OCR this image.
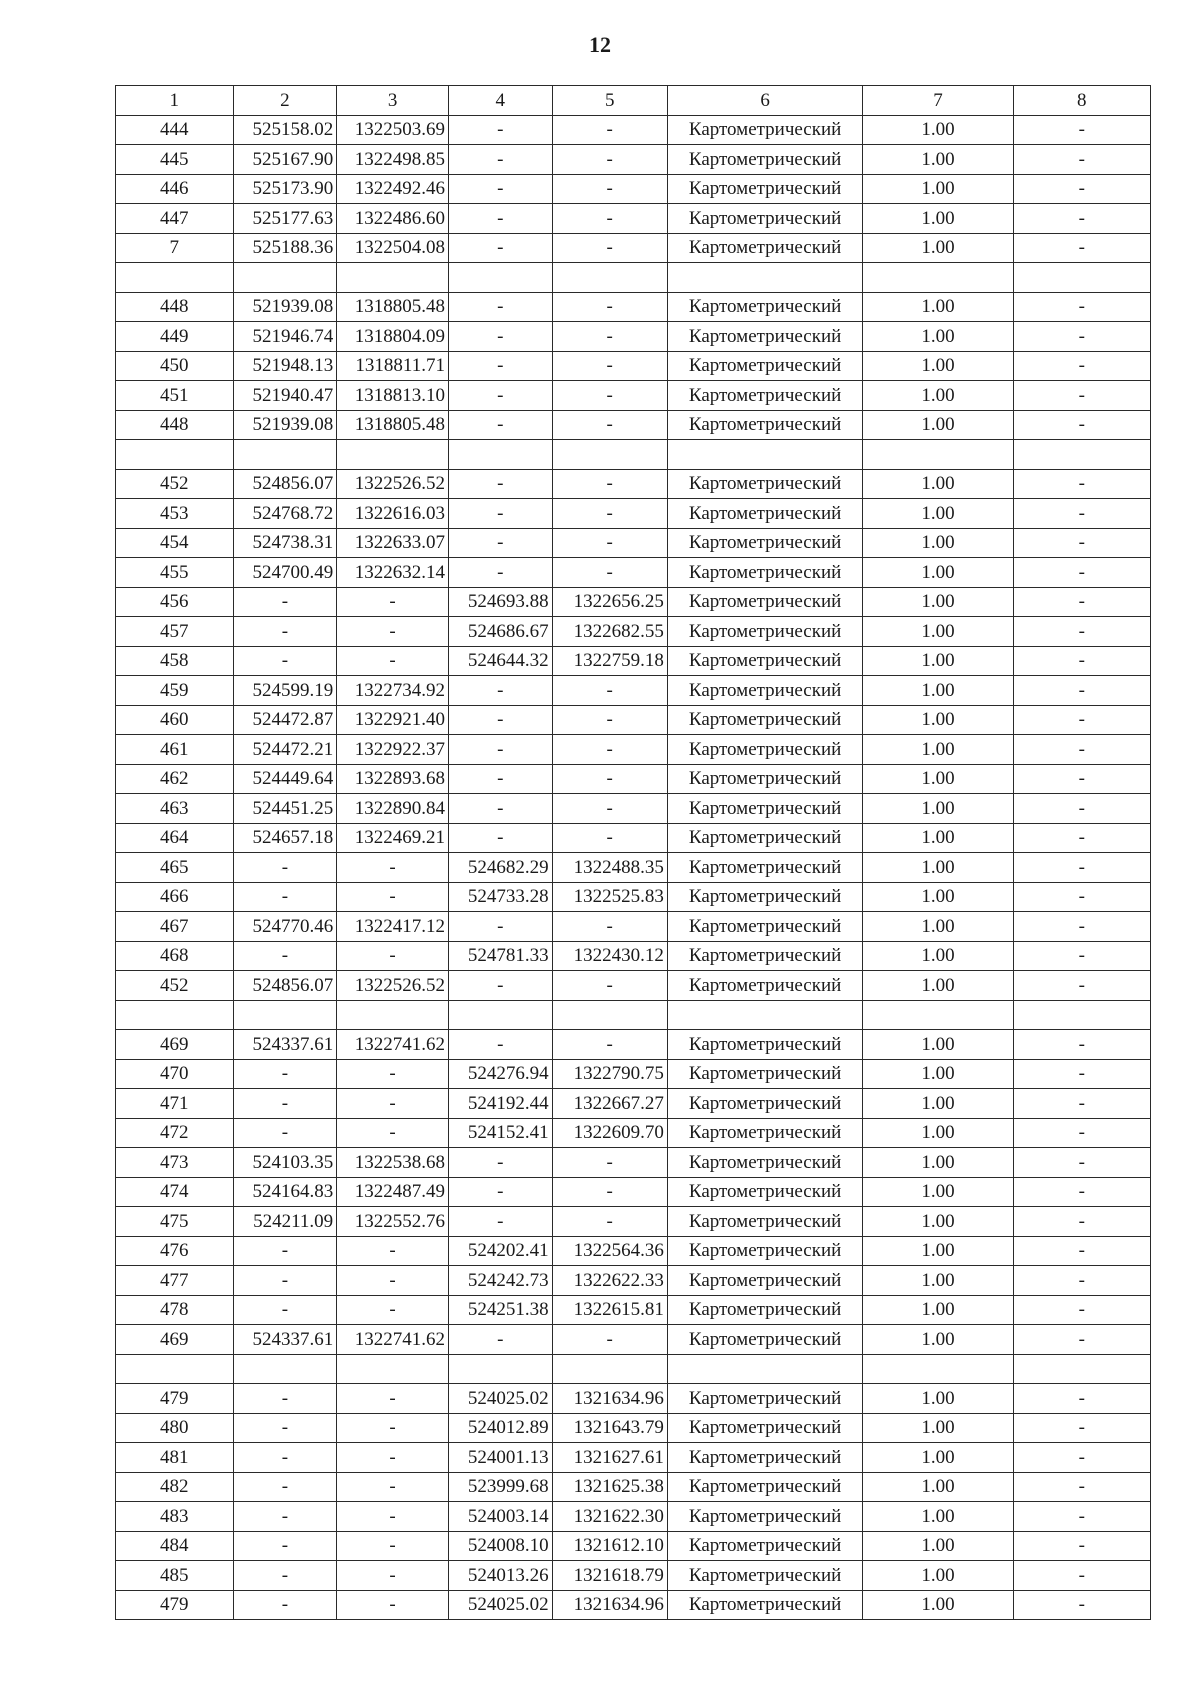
12
1	2	3	4	5	6	7	8
444	525158.02	1322503.69	-	-	Картометрический	1.00	-
445	525167.90	1322498.85	-	-	Картометрический	1.00	-
446	525173.90	1322492.46	-	-	Картометрический	1.00	-
447	525177.63	1322486.60	-	-	Картометрический	1.00	-
7	525188.36	1322504.08	-	-	Картометрический	1.00	-

448	521939.08	1318805.48	-	-	Картометрический	1.00	-
449	521946.74	1318804.09	-	-	Картометрический	1.00	-
450	521948.13	1318811.71	-	-	Картометрический	1.00	-
451	521940.47	1318813.10	-	-	Картометрический	1.00	-
448	521939.08	1318805.48	-	-	Картометрический	1.00	-

452	524856.07	1322526.52	-	-	Картометрический	1.00	-
453	524768.72	1322616.03	-	-	Картометрический	1.00	-
454	524738.31	1322633.07	-	-	Картометрический	1.00	-
455	524700.49	1322632.14	-	-	Картометрический	1.00	-
456	-	-	524693.88	1322656.25	Картометрический	1.00	-
457	-	-	524686.67	1322682.55	Картометрический	1.00	-
458	-	-	524644.32	1322759.18	Картометрический	1.00	-
459	524599.19	1322734.92	-	-	Картометрический	1.00	-
460	524472.87	1322921.40	-	-	Картометрический	1.00	-
461	524472.21	1322922.37	-	-	Картометрический	1.00	-
462	524449.64	1322893.68	-	-	Картометрический	1.00	-
463	524451.25	1322890.84	-	-	Картометрический	1.00	-
464	524657.18	1322469.21	-	-	Картометрический	1.00	-
465	-	-	524682.29	1322488.35	Картометрический	1.00	-
466	-	-	524733.28	1322525.83	Картометрический	1.00	-
467	524770.46	1322417.12	-	-	Картометрический	1.00	-
468	-	-	524781.33	1322430.12	Картометрический	1.00	-
452	524856.07	1322526.52	-	-	Картометрический	1.00	-

469	524337.61	1322741.62	-	-	Картометрический	1.00	-
470	-	-	524276.94	1322790.75	Картометрический	1.00	-
471	-	-	524192.44	1322667.27	Картометрический	1.00	-
472	-	-	524152.41	1322609.70	Картометрический	1.00	-
473	524103.35	1322538.68	-	-	Картометрический	1.00	-
474	524164.83	1322487.49	-	-	Картометрический	1.00	-
475	524211.09	1322552.76	-	-	Картометрический	1.00	-
476	-	-	524202.41	1322564.36	Картометрический	1.00	-
477	-	-	524242.73	1322622.33	Картометрический	1.00	-
478	-	-	524251.38	1322615.81	Картометрический	1.00	-
469	524337.61	1322741.62	-	-	Картометрический	1.00	-

479	-	-	524025.02	1321634.96	Картометрический	1.00	-
480	-	-	524012.89	1321643.79	Картометрический	1.00	-
481	-	-	524001.13	1321627.61	Картометрический	1.00	-
482	-	-	523999.68	1321625.38	Картометрический	1.00	-
483	-	-	524003.14	1321622.30	Картометрический	1.00	-
484	-	-	524008.10	1321612.10	Картометрический	1.00	-
485	-	-	524013.26	1321618.79	Картометрический	1.00	-
479	-	-	524025.02	1321634.96	Картометрический	1.00	-
